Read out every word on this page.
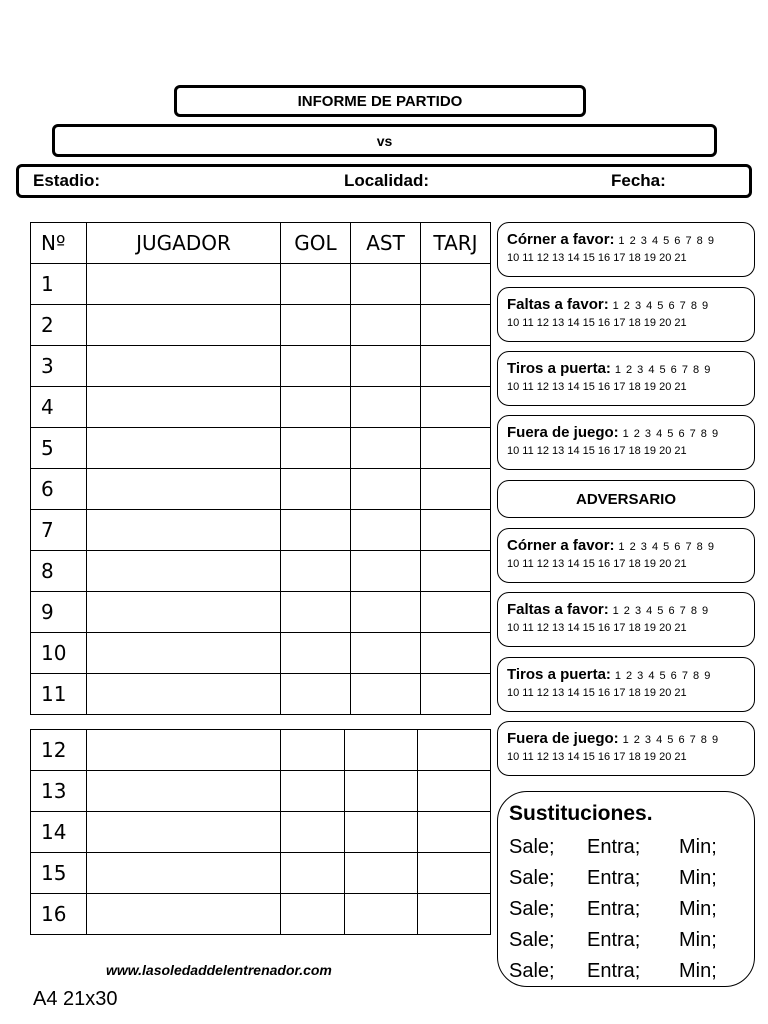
INFORME DE PARTIDO
vs
Estadio:	Localidad:	Fecha:
Nº	JUGADOR	GOL	AST	TARJ
1				
2				
3				
4				
5				
6				
7				
8				
9				
10				
11				
12				
13				
14				
15				
16				
Córner a favor: 1 2 3 4 5 6 7 8 9
10 11 12 13 14 15 16 17 18 19 20 21
Faltas a favor: 1 2 3 4 5 6 7 8 9
10 11 12 13 14 15 16 17 18 19 20 21
Tiros a puerta: 1 2 3 4 5 6 7 8 9
10 11 12 13 14 15 16 17 18 19 20 21
Fuera de juego: 1 2 3 4 5 6 7 8 9
10 11 12 13 14 15 16 17 18 19 20 21
ADVERSARIO
Córner a favor: 1 2 3 4 5 6 7 8 9
10 11 12 13 14 15 16 17 18 19 20 21
Faltas a favor: 1 2 3 4 5 6 7 8 9
10 11 12 13 14 15 16 17 18 19 20 21
Tiros a puerta: 1 2 3 4 5 6 7 8 9
10 11 12 13 14 15 16 17 18 19 20 21
Fuera de juego: 1 2 3 4 5 6 7 8 9
10 11 12 13 14 15 16 17 18 19 20 21
Sustituciones.
Sale;	Entra;	Min;
Sale;	Entra;	Min;
Sale;	Entra;	Min;
Sale;	Entra;	Min;
Sale;	Entra;	Min;
www.lasoledaddelentrenador.com
A4 21x30
